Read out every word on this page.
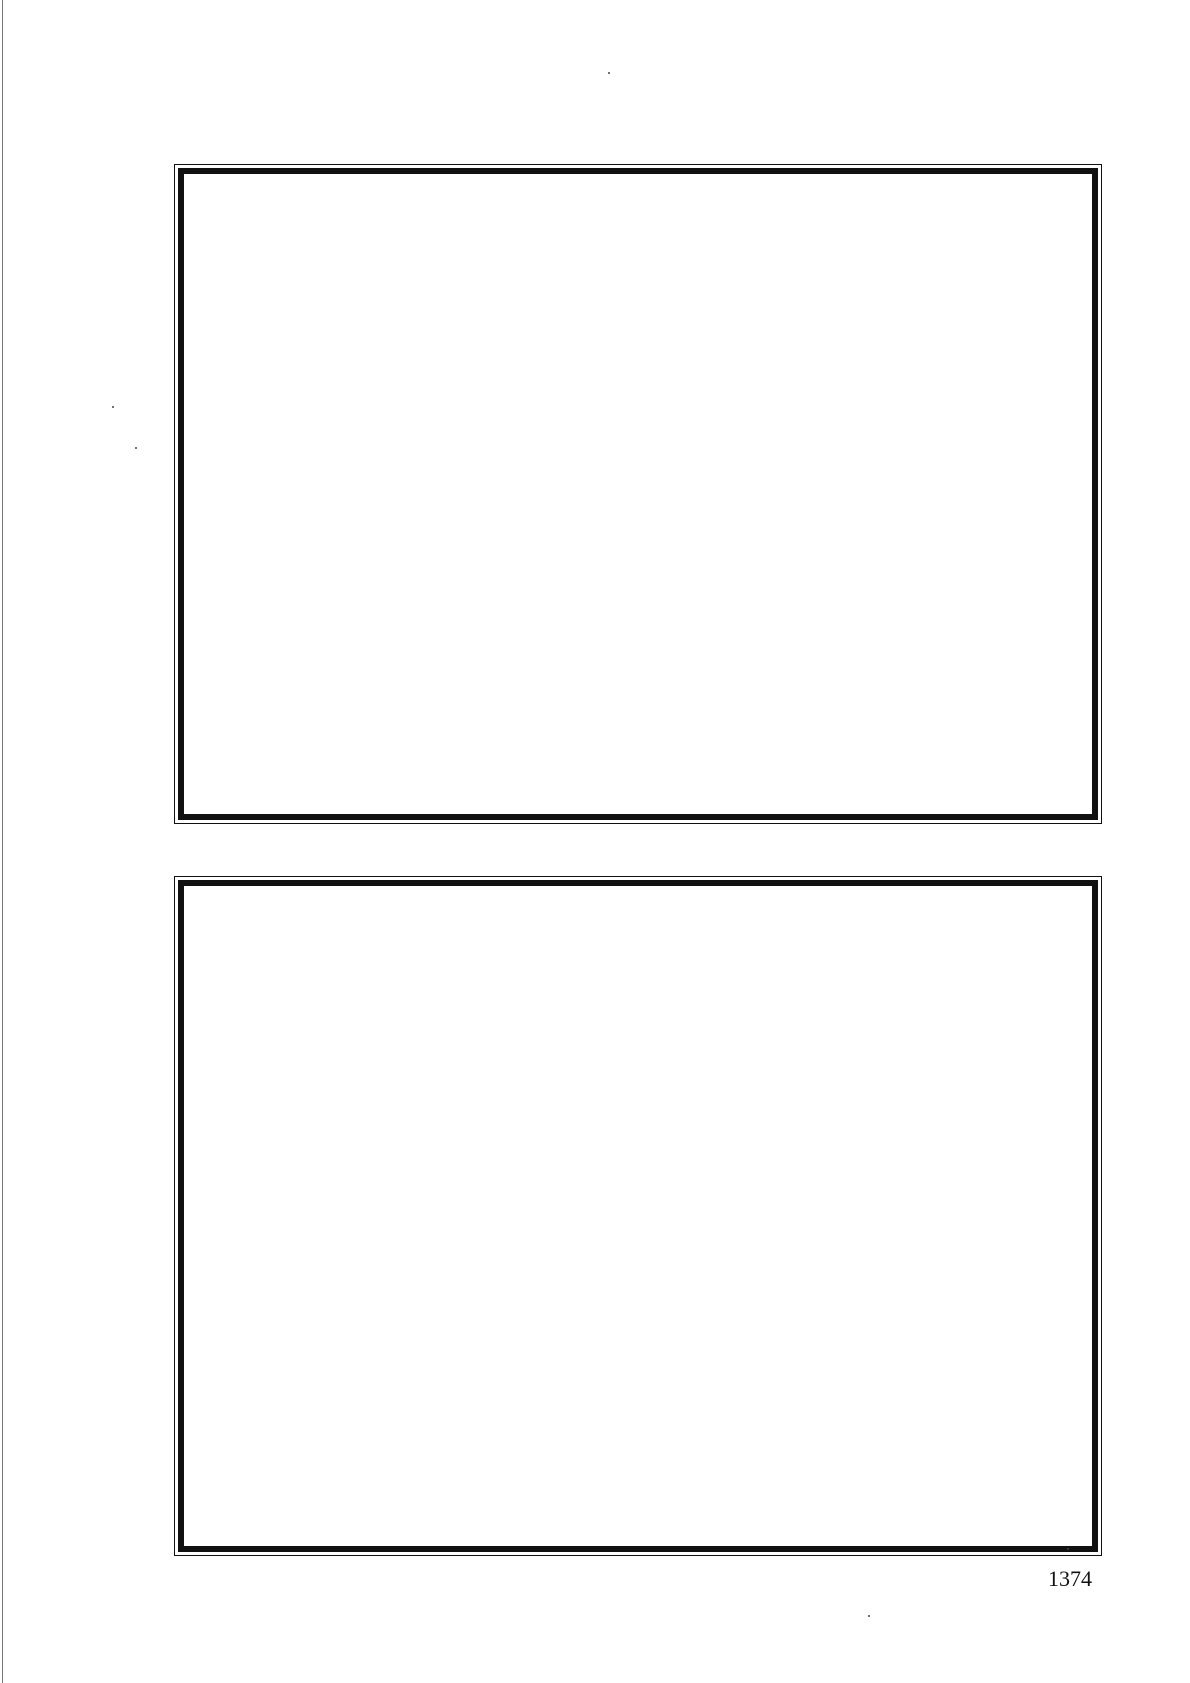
1374
